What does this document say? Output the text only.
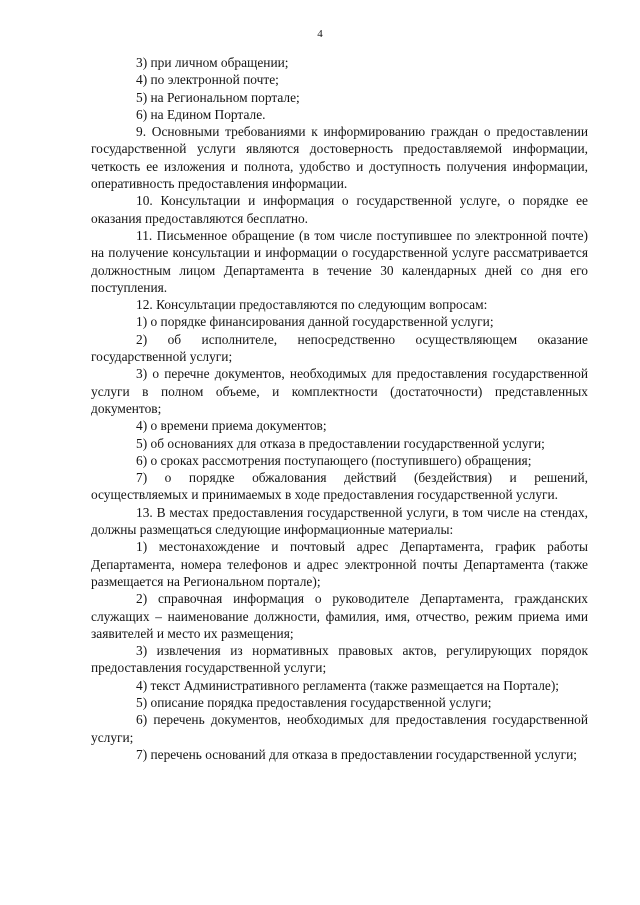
4

3) при личном обращении;

4) по электронной почте;

5) на Региональном портале;

6) на Едином Портале.

9. Основными требованиями к информированию граждан о предоставлении государственной услуги являются достоверность предоставляемой информации, четкость ее изложения и полнота, удобство и доступность получения информации, оперативность предоставления информации.

10. Консультации и информация о государственной услуге, о порядке ее оказания предоставляются бесплатно.

11. Письменное обращение (в том числе поступившее по электронной почте) на получение консультации и информации о государственной услуге рассматривается должностным лицом Департамента в течение 30 календарных дней со дня его поступления.

12. Консультации предоставляются по следующим вопросам:

1) о порядке финансирования данной государственной услуги;

2) об исполнителе, непосредственно осуществляющем оказание государственной услуги;

3) о перечне документов, необходимых для предоставления государственной услуги в полном объеме, и комплектности (достаточности) представленных документов;

4) о времени приема документов;

5) об основаниях для отказа в предоставлении государственной услуги;

6) о сроках рассмотрения поступающего (поступившего) обращения;

7) о порядке обжалования действий (бездействия) и решений, осуществляемых и принимаемых в ходе предоставления государственной услуги.

13. В местах предоставления государственной услуги, в том числе на стендах, должны размещаться следующие информационные материалы:

1) местонахождение и почтовый адрес Департамента, график работы Департамента, номера телефонов и адрес электронной почты Департамента (также размещается на Региональном портале);

2) справочная информация о руководителе Департамента, гражданских служащих – наименование должности, фамилия, имя, отчество, режим приема ими заявителей и место их размещения;

3) извлечения из нормативных правовых актов, регулирующих порядок предоставления государственной услуги;

4) текст Административного регламента (также размещается на Портале);

5) описание порядка предоставления государственной услуги;

6) перечень документов, необходимых для предоставления государственной услуги;

7) перечень оснований для отказа в предоставлении государственной услуги;
